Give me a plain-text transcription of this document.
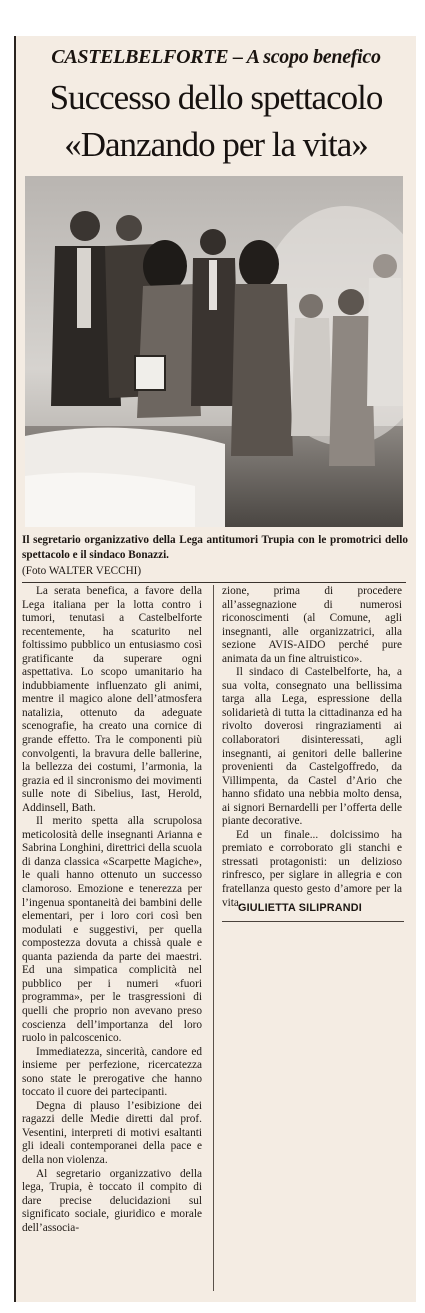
CASTELBELFORTE – A scopo benefico
Successo dello spettacolo
«Danzando per la vita»
Il segretario organizzativo della Lega antitumori Trupia con le promotrici dello spettacolo e il sindaco Bonazzi.
(Foto WALTER VECCHI)

La serata benefica, a favore della Lega italiana per la lotta contro i tumori, tenutasi a Castelbelforte recentemente, ha scaturito nel foltissimo pubblico un entusiasmo così gratificante da superare ogni aspettativa. Lo scopo umanitario ha indubbiamente influenzato gli animi, mentre il magico alone dell’atmosfera natalizia, ottenuto da adeguate scenografie, ha creato una cornice di grande effetto. Tra le componenti più convolgenti, la bravura delle ballerine, la bellezza dei costumi, l’armonia, la grazia ed il sincronismo dei movimenti sulle note di Sibelius, Iast, Herold, Addinsell, Bath.

Il merito spetta alla scrupolosa meticolosità delle insegnanti Arianna e Sabrina Longhini, direttrici della scuola di danza classica «Scarpette Magiche», le quali hanno ottenuto un successo clamoroso. Emozione e tenerezza per l’ingenua spontaneità dei bambini delle elementari, per i loro cori così ben modulati e suggestivi, per quella compostezza dovuta a chissà quale e quanta pazienda da parte dei maestri. Ed una simpatica complicità nel pubblico per i numeri «fuori programma», per le trasgressioni di quelli che proprio non avevano preso coscienza dell’importanza del loro ruolo in palcoscenico.

Immediatezza, sincerità, candore ed insieme per perfezione, ricercatezza sono state le prerogative che hanno toccato il cuore dei partecipanti.

Degna di plauso l’esibizione dei ragazzi delle Medie diretti dal prof. Vesentini, interpreti di motivi esaltanti gli ideali contemporanei della pace e della non violenza.

Al segretario organizzativo della lega, Trupia, è toccato il compito di dare precise delucidazioni sul significato sociale, giuridico e morale dell’associa-

zione, prima di procedere all’assegnazione di numerosi riconoscimenti (al Comune, agli insegnanti, alle organizzatrici, alla sezione AVIS-AIDO perché pure animata da un fine altruistico».

Il sindaco di Castelbelforte, ha, a sua volta, consegnato una bellissima targa alla Lega, espressione della solidarietà di tutta la cittadinanza ed ha rivolto doverosi ringraziamenti ai collaboratori disinteressati, agli insegnanti, ai genitori delle ballerine provenienti da Castelgoffredo, da Villimpenta, da Castel d’Ario che hanno sfidato una nebbia molto densa, ai signori Bernardelli per l’offerta delle piante decorative.

Ed un finale... dolcissimo ha premiato e corroborato gli stanchi e stressati protagonisti: un delizioso rinfresco, per siglare in allegria e con fratellanza questo gesto d’amore per la vita.

GIULIETTA SILIPRANDI
